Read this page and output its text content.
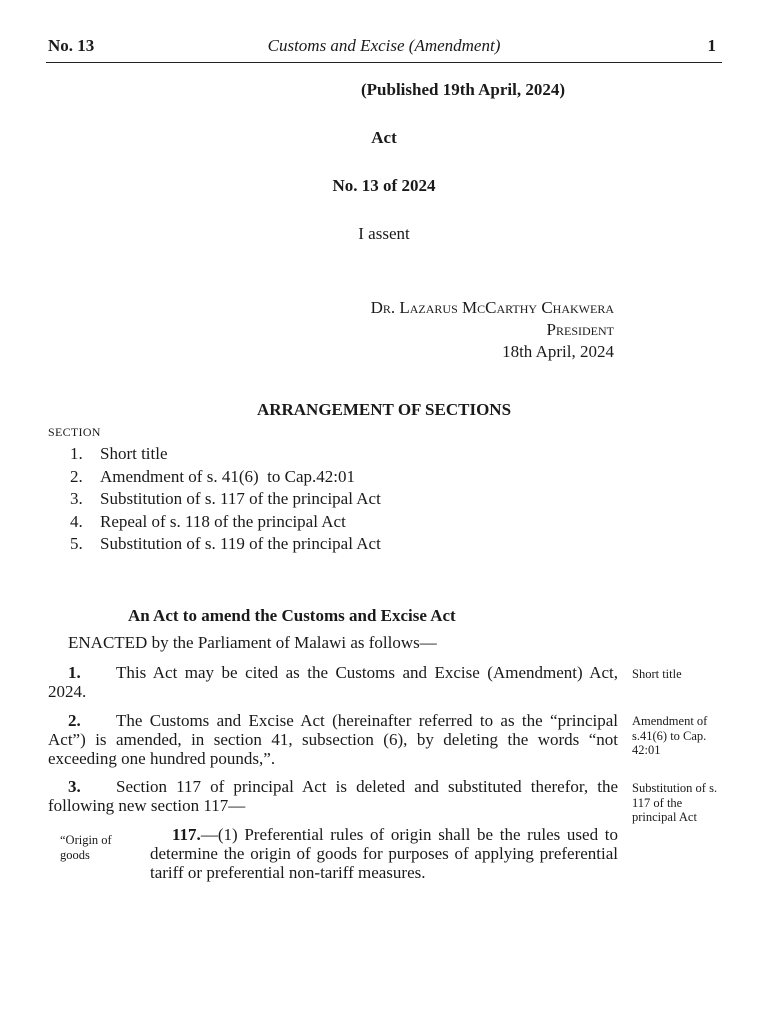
No. 13	Customs and Excise (Amendment)	1
(Published 19th April, 2024)
Act
No. 13 of 2024
I assent
Dr. Lazarus McCarthy Chakwera
President
18th April, 2024
ARRANGEMENT OF SECTIONS
SECTION
1.	Short title
2.	Amendment of s. 41(6)  to Cap.42:01
3.	Substitution of s. 117 of the principal Act
4.	Repeal of s. 118 of the principal Act
5.	Substitution of s. 119 of the principal Act
An Act to amend the Customs and Excise Act
ENACTED by the Parliament of Malawi as follows—
1. This Act may be cited as the Customs and Excise (Amendment) Act, 2024.
Short title
2. The Customs and Excise Act (hereinafter referred to as the “principal Act”) is amended, in section 41, subsection (6), by deleting the words “not exceeding one hundred pounds,”.
Amendment of s.41(6) to Cap. 42:01
3. Section 117 of principal Act is deleted and substituted therefor, the following new section 117—
Substitution of s. 117 of the principal Act
“Origin of goods
117.—(1) Preferential rules of origin shall be the rules used to determine the origin of goods for purposes of applying preferential tariff or preferential non-tariff measures.
